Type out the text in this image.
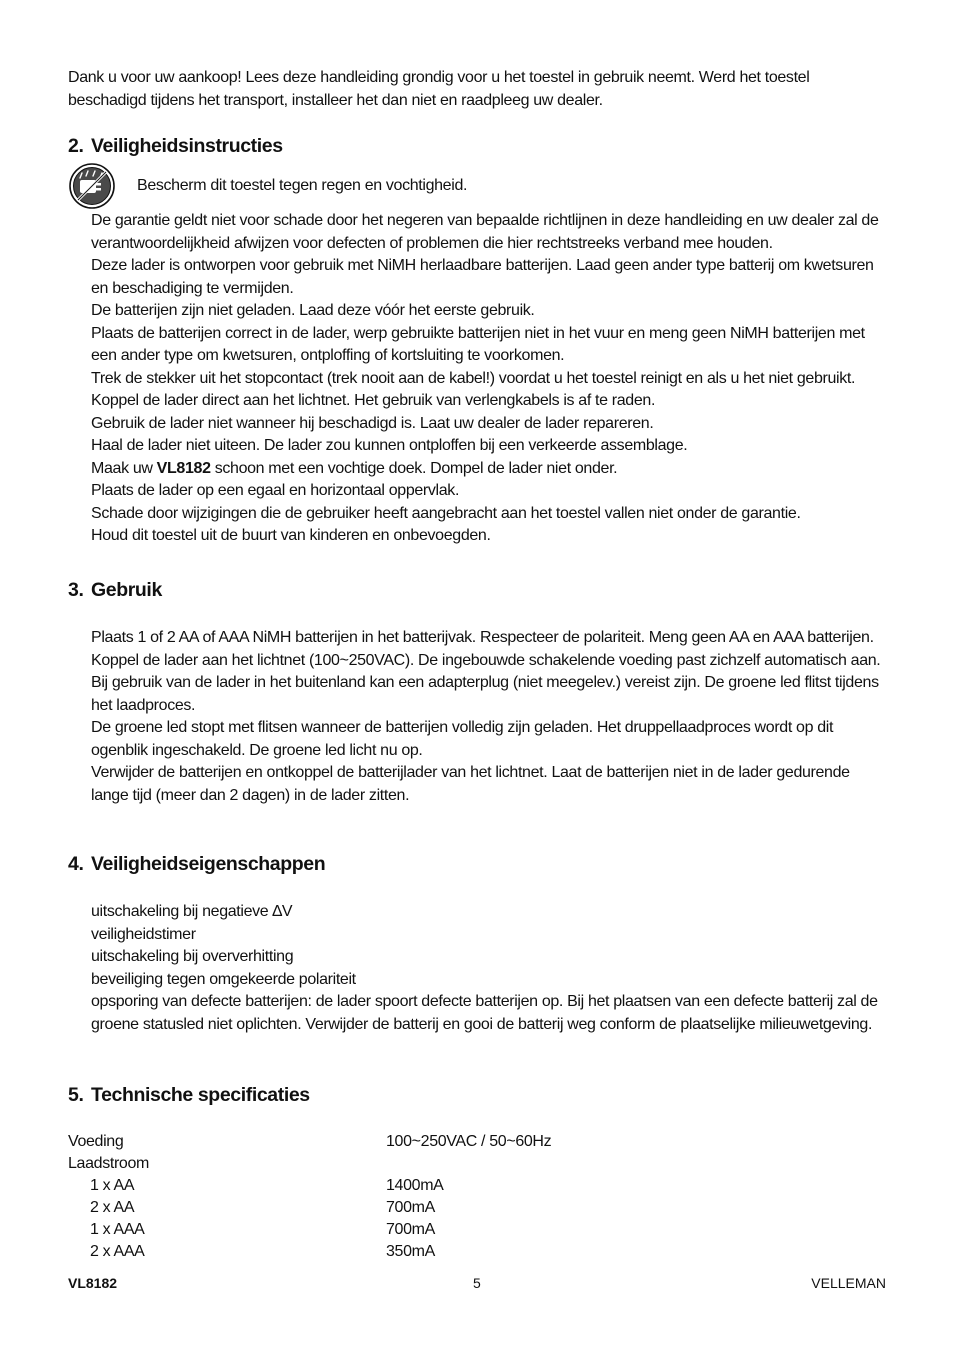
Dank u voor uw aankoop! Lees deze handleiding grondig voor u het toestel in gebruik neemt. Werd het toestel beschadigd tijdens het transport, installeer het dan niet en raadpleeg uw dealer.
2. Veiligheidsinstructies
Bescherm dit toestel tegen regen en vochtigheid.
De garantie geldt niet voor schade door het negeren van bepaalde richtlijnen in deze handleiding en uw dealer zal de verantwoordelijkheid afwijzen voor defecten of problemen die hier rechtstreeks verband mee houden.
Deze lader is ontworpen voor gebruik met NiMH herlaadbare batterijen. Laad geen ander type batterij om kwetsuren en beschadiging te vermijden.
De batterijen zijn niet geladen. Laad deze vóór het eerste gebruik.
Plaats de batterijen correct in de lader, werp gebruikte batterijen niet in het vuur en meng geen NiMH batterijen met een ander type om kwetsuren, ontploffing of kortsluiting te voorkomen.
Trek de stekker uit het stopcontact (trek nooit aan de kabel!) voordat u het toestel reinigt en als u het niet gebruikt.
Koppel de lader direct aan het lichtnet. Het gebruik van verlengkabels is af te raden.
Gebruik de lader niet wanneer hij beschadigd is. Laat uw dealer de lader repareren.
Haal de lader niet uiteen. De lader zou kunnen ontploffen bij een verkeerde assemblage.
Maak uw VL8182 schoon met een vochtige doek. Dompel de lader niet onder.
Plaats de lader op een egaal en horizontaal oppervlak.
Schade door wijzigingen die de gebruiker heeft aangebracht aan het toestel vallen niet onder de garantie.
Houd dit toestel uit de buurt van kinderen en onbevoegden.
3. Gebruik
Plaats 1 of 2 AA of AAA NiMH batterijen in het batterijvak. Respecteer de polariteit. Meng geen AA en AAA batterijen.
Koppel de lader aan het lichtnet (100~250VAC). De ingebouwde schakelende voeding past zichzelf automatisch aan. Bij gebruik van de lader in het buitenland kan een adapterplug (niet meegelev.) vereist zijn. De groene led flitst tijdens het laadproces.
De groene led stopt met flitsen wanneer de batterijen volledig zijn geladen. Het druppellaadproces wordt op dit ogenblik ingeschakeld. De groene led licht nu op.
Verwijder de batterijen en ontkoppel de batterijlader van het lichtnet. Laat de batterijen niet in de lader gedurende lange tijd (meer dan 2 dagen) in de lader zitten.
4. Veiligheidseigenschappen
uitschakeling bij negatieve ∆V
veiligheidstimer
uitschakeling bij oververhitting
beveiliging tegen omgekeerde polariteit
opsporing van defecte batterijen: de lader spoort defecte batterijen op. Bij het plaatsen van een defecte batterij zal de groene statusled niet oplichten. Verwijder de batterij en gooi de batterij weg conform de plaatselijke milieuwetgeving.
5. Technische specificaties
Voeding	100~250VAC / 50~60Hz
Laadstroom
1 x AA	1400mA
2 x AA	700mA
1 x AAA	700mA
2 x AAA	350mA
VL8182	5	VELLEMAN
